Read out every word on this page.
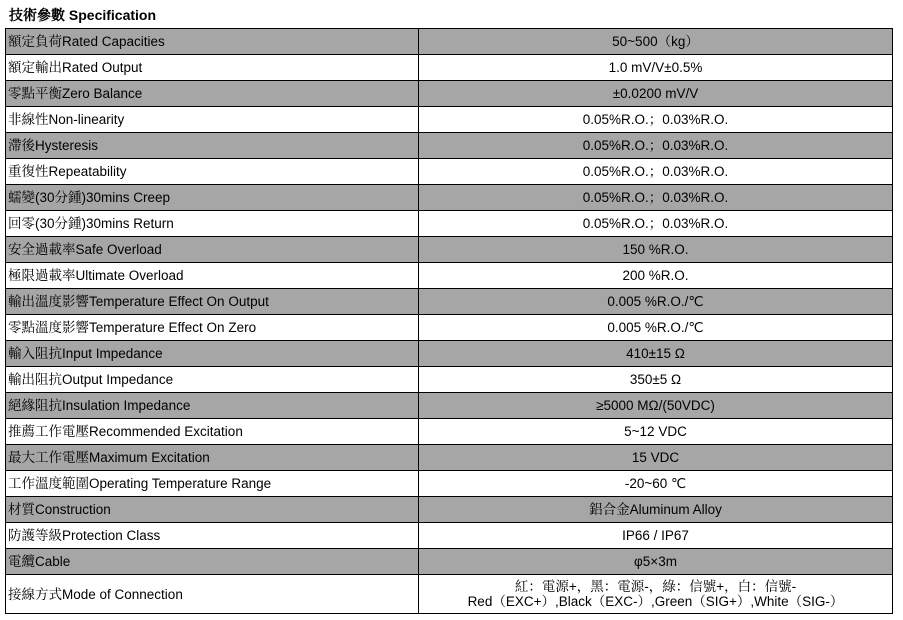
技術參數 Specification
額定負荷Rated Capacities	50~500（kg）
額定輸出Rated Output	1.0 mV/V±0.5%
零點平衡Zero Balance	±0.0200 mV/V
非線性Non-linearity	0.05%R.O.；0.03%R.O.
滯後Hysteresis	0.05%R.O.；0.03%R.O.
重復性Repeatability	0.05%R.O.；0.03%R.O.
蠕變(30分鍾)30mins Creep	0.05%R.O.；0.03%R.O.
回零(30分鍾)30mins Return	0.05%R.O.；0.03%R.O.
安全過載率Safe Overload	150 %R.O.
極限過載率Ultimate Overload	200 %R.O.
輸出溫度影響Temperature Effect On Output	0.005 %R.O./℃
零點溫度影響Temperature Effect On Zero	0.005 %R.O./℃
輸入阻抗Input Impedance	410±15 Ω
輸出阻抗Output Impedance	350±5 Ω
絕緣阻抗Insulation Impedance	≥5000 MΩ/(50VDC)
推薦工作電壓Recommended Excitation	5~12 VDC
最大工作電壓Maximum Excitation	15 VDC
工作溫度範圍Operating Temperature Range	-20~60 ℃
材質Construction	鋁合金Aluminum Alloy
防護等級Protection Class	IP66 / IP67
電纜Cable	φ5×3m
接線方式Mode of Connection	紅：電源+，黑：電源-，綠：信號+，白：信號-
Red（EXC+）,Black（EXC-）,Green（SIG+）,White（SIG-）
